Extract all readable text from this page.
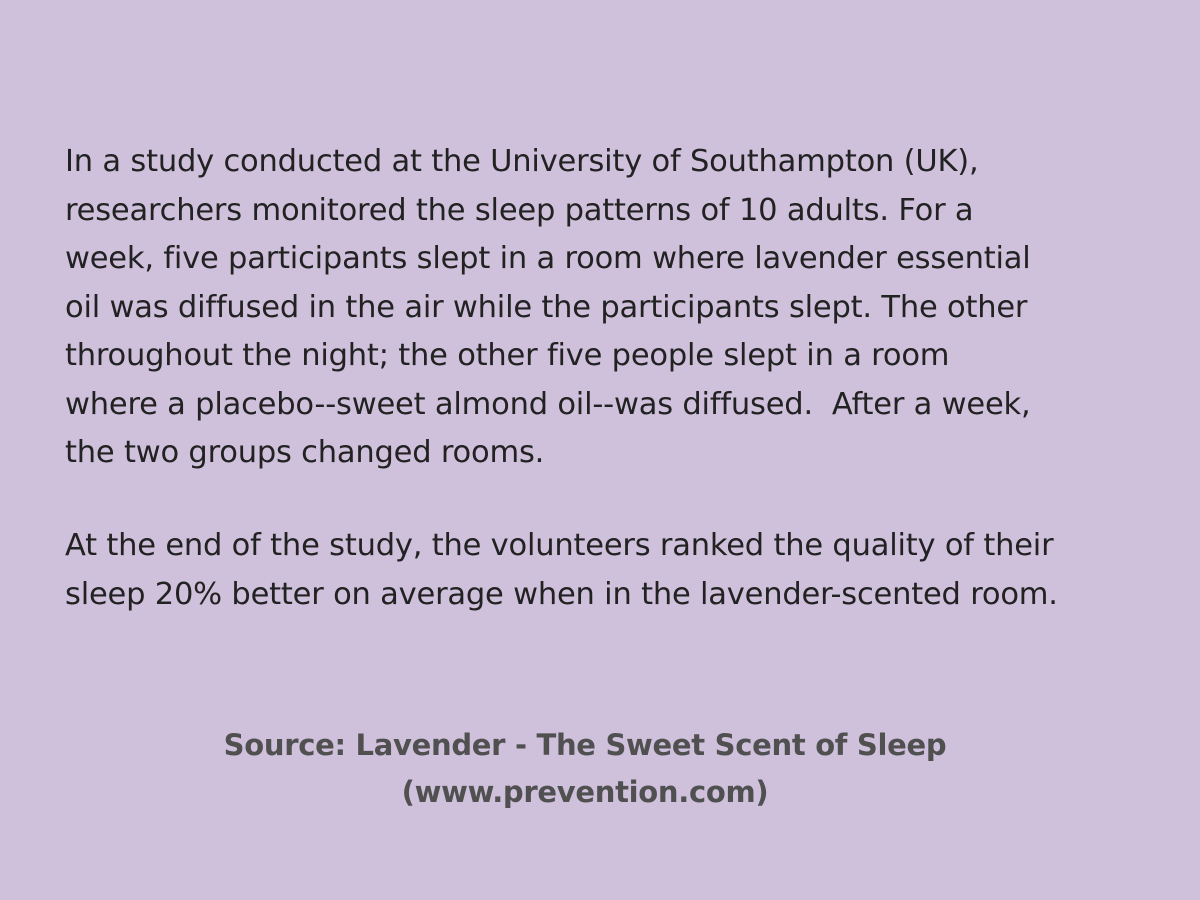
In a study conducted at the University of Southampton (UK),
researchers monitored the sleep patterns of 10 adults. For a
week, five participants slept in a room where lavender essential
oil was diffused in the air while the participants slept. The other
throughout the night; the other five people slept in a room
where a placebo--sweet almond oil--was diffused.  After a week,
the two groups changed rooms.

At the end of the study, the volunteers ranked the quality of their
sleep 20% better on average when in the lavender-scented room.

Source: Lavender - The Sweet Scent of Sleep
(www.prevention.com)
